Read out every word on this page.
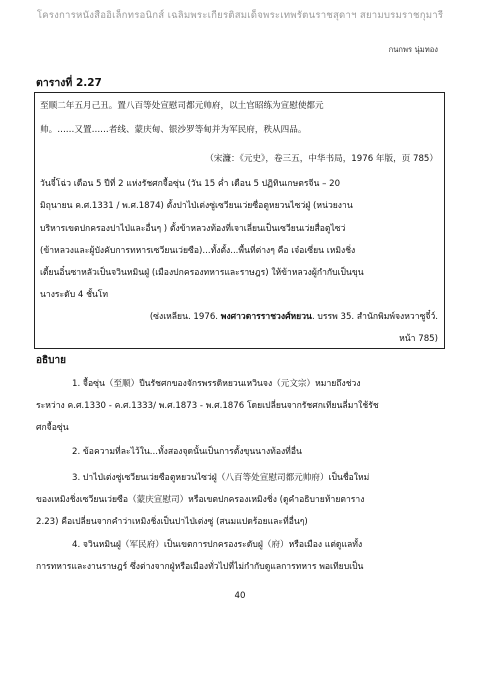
โครงการหนังสืออิเล็กทรอนิกส์ เฉลิมพระเกียรติสมเด็จพระเทพรัตนราชสุดาฯ สยามบรมราชกุมารี
กนกพร นุ่มทอง
ตารางที่ 2.27
至顺二年五月己丑。置八百等处宣慰司都元帅府，以土官昭练为宣慰使都元
帅。……又置……者线、蒙庆甸、银沙罗等甸并为军民府，秩从四品。
（宋濂：《元史》，卷三五，中华书局，1976 年版，页 785）
วันจี๋โฉ่ว เดือน 5 ปีที่ 2 แห่งรัชศกจื้อซุ่น (วัน 15 ค่ำ เดือน 5 ปฏิทินเกษตรจีน – 20
มิถุนายน ค.ศ.1331 / พ.ศ.1874) ตั้งปาไป่เต่งซู่เซวียนเว่ยซื่อตูหยวนไซว่ฝู่ (หน่วยงาน
บริหารเขตปกครองปาไป่และอื่นๆ ) ตั้งข้าหลวงท้องที่เจาเลี่ยนเป็นเซวียนเว่ยสื่อตูไซว่
(ข้าหลวงและผู้บังคับการทหารเซวียนเว่ยซือ)...ทั้งตั้ง...พื้นที่ต่างๆ คือ เจ๋อเซี่ยน เหมิงชิ่ง
เตี้ยนอิ๋นซาหลัวเป็นจวินหมินฝู่ (เมืองปกครองทหารและราษฎร) ให้ข้าหลวงผู้กำกับเป็นขุน
นางระดับ 4 ชั้นโท
(ซ่งเหลียน. 1976. พงศาวดารราชวงศ์หยวน. บรรพ 35. สำนักพิมพ์จงหวาซูจี๋ว์.
หน้า 785)
อธิบาย
1. จื้อซุ่น（至顺）ปีนรัชศกของจักรพรรดิหยวนเหวินจง（元文宗）หมายถึงช่วง
ระหว่าง ค.ศ.1330 - ค.ศ.1333/ พ.ศ.1873 - พ.ศ.1876 โดยเปลี่ยนจากรัชศกเทียนลี่มาใช้รัช
ศกจื้อซุ่น
2. ข้อความที่ละไว้ใน...ทั้งสองจุดนั้นเป็นการตั้งขุนนางท้องที่อื่น
3. ปาไป่เต่งซู่เซวียนเว่ยซือตูหยวนไซว่ฝู่（八百等处宣慰司都元帅府）เป็นชื่อใหม่
ของเหมิงชิ่งเซวียนเว่ยซือ（蒙庆宣慰司）หรือเขตปกครองเหมิงชิ่ง (ดูคำอธิบายท้ายตาราง
2.23) คือเปลี่ยนจากคำว่าเหมิงชิ่งเป็นปาไป่เต่งซู่ (สนมแปดร้อยและที่อื่นๆ)
4. จวินหมินฝู่（军民府）เป็นเขตการปกครองระดับฝู่（府）หรือเมือง แต่ดูแลทั้ง
การทหารและงานราษฎร์ ซึ่งต่างจากฝู่หรือเมืองทั่วไปที่ไม่กำกับดูแลการทหาร พอเทียบเป็น
40
